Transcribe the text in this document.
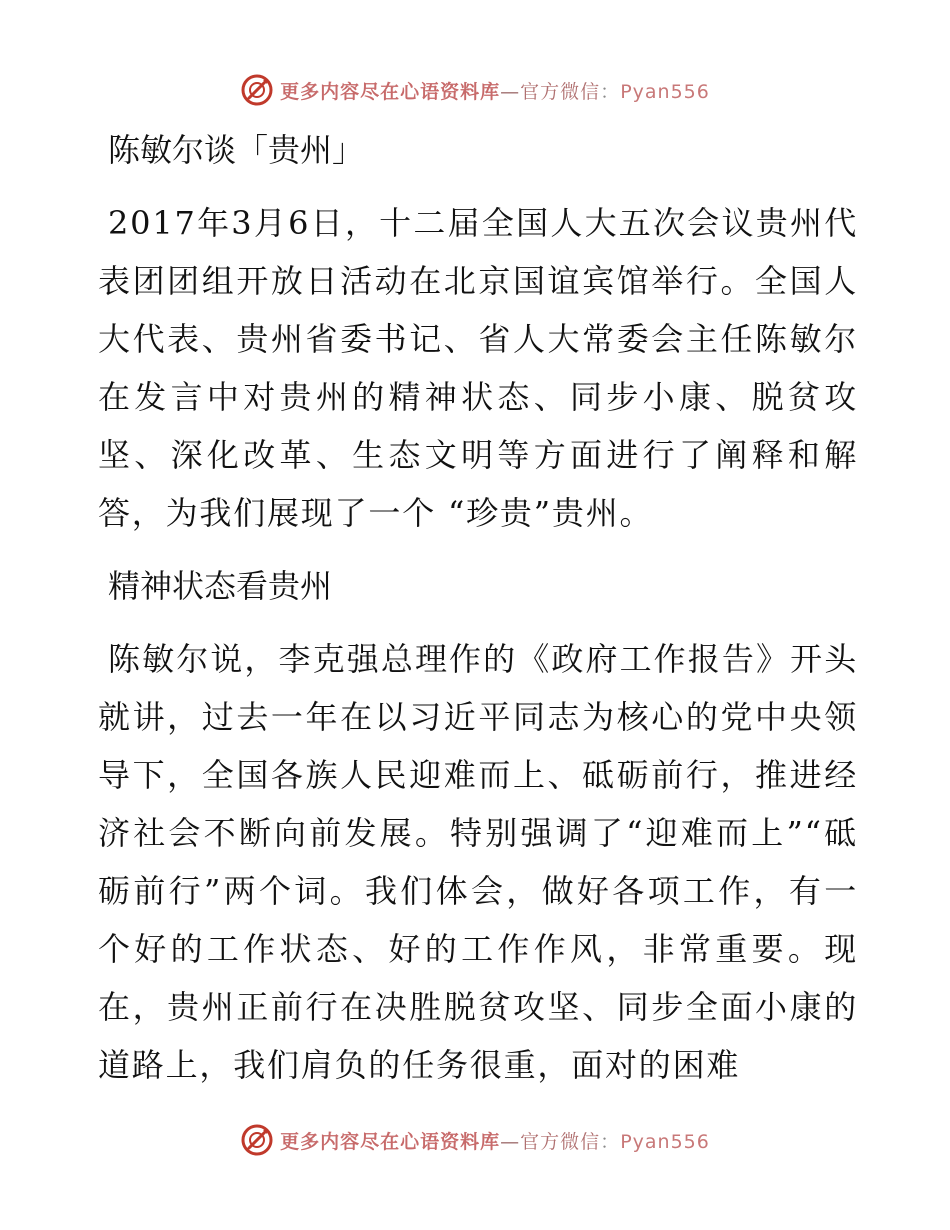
更多内容尽在心语资料库—官方微信：Pyan556

陈敏尔谈「贵州」

2017年3月6日，十二届全国人大五次会议贵州代表团团组开放日活动在北京国谊宾馆举行。全国人大代表、贵州省委书记、省人大常委会主任陈敏尔在发言中对贵州的精神状态、同步小康、脱贫攻坚、深化改革、生态文明等方面进行了阐释和解答，为我们展现了一个 “珍贵”贵州。

精神状态看贵州

陈敏尔说，李克强总理作的《政府工作报告》开头就讲，过去一年在以习近平同志为核心的党中央领导下，全国各族人民迎难而上、砥砺前行，推进经济社会不断向前发展。特别强调了“迎难而上”“砥砺前行”两个词。我们体会，做好各项工作，有一个好的工作状态、好的工作作风，非常重要。现在，贵州正前行在决胜脱贫攻坚、同步全面小康的道路上，我们肩负的任务很重，面对的困难

更多内容尽在心语资料库—官方微信：Pyan556
